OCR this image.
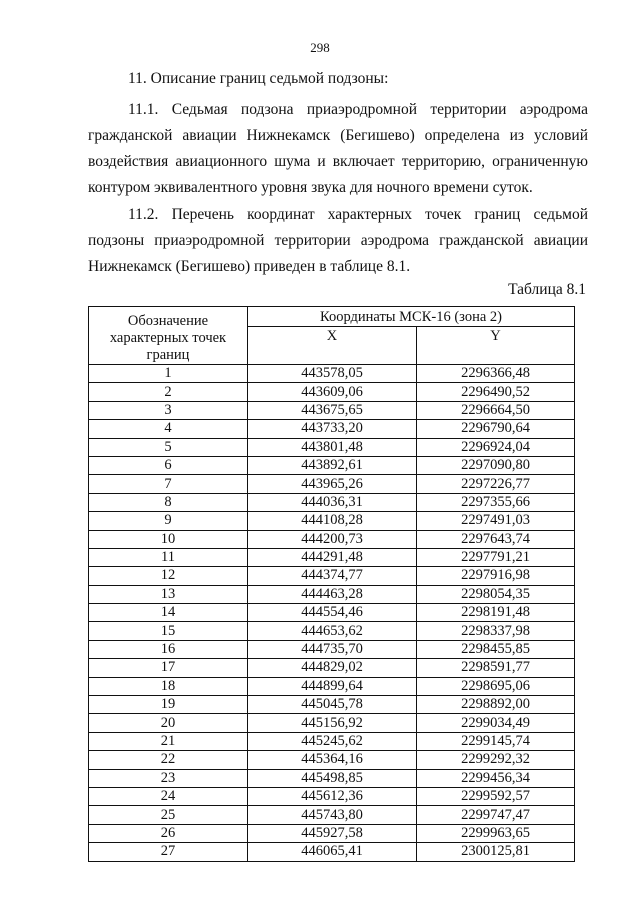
298
11. Описание границ седьмой подзоны:

11.1. Седьмая подзона приаэродромной территории аэродрома гражданской авиации Нижнекамск (Бегишево) определена из условий воздействия авиационного шума и включает территорию, ограниченную контуром эквивалентного уровня звука для ночного времени суток.

11.2. Перечень координат характерных точек границ седьмой подзоны приаэродромной территории аэродрома гражданской авиации Нижнекамск (Бегишево) приведен в таблице 8.1.

Таблица 8.1
Обозначение характерных точек границ	Координаты МСК-16 (зона 2)	
	X	Y
1	443578,05	2296366,48
2	443609,06	2296490,52
3	443675,65	2296664,50
4	443733,20	2296790,64
5	443801,48	2296924,04
6	443892,61	2297090,80
7	443965,26	2297226,77
8	444036,31	2297355,66
9	444108,28	2297491,03
10	444200,73	2297643,74
11	444291,48	2297791,21
12	444374,77	2297916,98
13	444463,28	2298054,35
14	444554,46	2298191,48
15	444653,62	2298337,98
16	444735,70	2298455,85
17	444829,02	2298591,77
18	444899,64	2298695,06
19	445045,78	2298892,00
20	445156,92	2299034,49
21	445245,62	2299145,74
22	445364,16	2299292,32
23	445498,85	2299456,34
24	445612,36	2299592,57
25	445743,80	2299747,47
26	445927,58	2299963,65
27	446065,41	2300125,81
